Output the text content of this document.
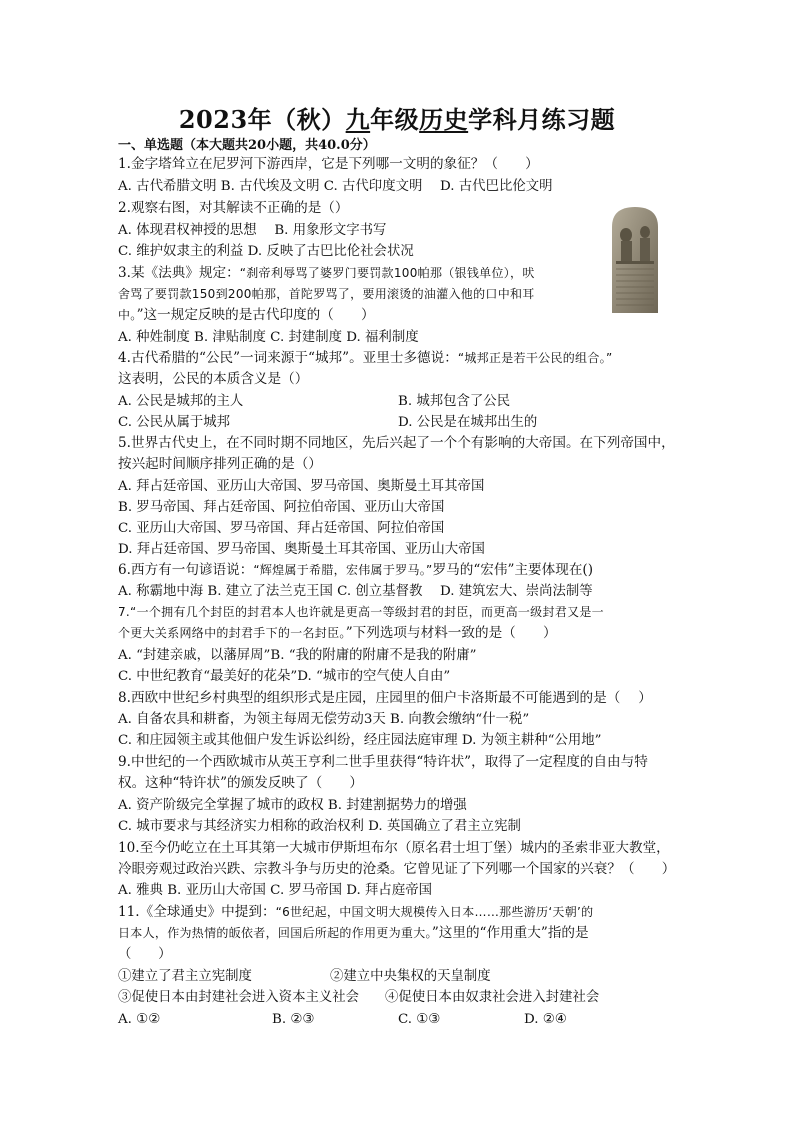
2023年（秋）九年级历史学科月练习题
一、单选题（本大题共20小题，共40.0分）
1.金字塔耸立在尼罗河下游西岸，它是下列哪一文明的象征？（　　）
A. 古代希腊文明 B. 古代埃及文明 C. 古代印度文明　 D. 古代巴比伦文明
2.观察右图，对其解读不正确的是（）
A. 体现君权神授的思想　 B. 用象形文字书写
C. 维护奴隶主的利益 D. 反映了古巴比伦社会状况
3.某《法典》规定：“刹帝利辱骂了婆罗门要罚款100帕那（银钱单位），吠
舍骂了要罚款150到200帕那，首陀罗骂了，要用滚烫的油灌入他的口中和耳
中。”这一规定反映的是古代印度的（　　）
A. 种姓制度 B. 津贴制度 C. 封建制度 D. 福利制度
4.古代希腊的“公民”一词来源于“城邦”。亚里士多德说：“城邦正是若干公民的组合。”
这表明，公民的本质含义是（）
A. 公民是城邦的主人	B. 城邦包含了公民
C. 公民从属于城邦	D. 公民是在城邦出生的
5.世界古代史上，在不同时期不同地区，先后兴起了一个个有影响的大帝国。在下列帝国中，
按兴起时间顺序排列正确的是（）
A. 拜占廷帝国、亚历山大帝国、罗马帝国、奥斯曼土耳其帝国
B. 罗马帝国、拜占廷帝国、阿拉伯帝国、亚历山大帝国
C. 亚历山大帝国、罗马帝国、拜占廷帝国、阿拉伯帝国
D. 拜占廷帝国、罗马帝国、奥斯曼土耳其帝国、亚历山大帝国
6.西方有一句谚语说：“辉煌属于希腊，宏伟属于罗马。”罗马的“宏伟”主要体现在()
A. 称霸地中海 B. 建立了法兰克王国 C. 创立基督教　 D. 建筑宏大、崇尚法制等
7.“一个拥有几个封臣的封君本人也许就是更高一等级封君的封臣，而更高一级封君又是一
个更大关系网络中的封君手下的一名封臣。”下列选项与材料一致的是（　　）
A. “封建亲戚，以藩屏周”B. “我的附庸的附庸不是我的附庸”
C. 中世纪教育“最美好的花朵”D. “城市的空气使人自由”
8.西欧中世纪乡村典型的组织形式是庄园，庄园里的佃户卡洛斯最不可能遇到的是（　 ）
A. 自备农具和耕畜，为领主每周无偿劳动3天 B. 向教会缴纳“什一税”
C. 和庄园领主或其他佃户发生诉讼纠纷，经庄园法庭审理 D. 为领主耕种“公用地”
9.中世纪的一个西欧城市从英王亨利二世手里获得“特许状”，取得了一定程度的自由与特
权。这种“特许状”的颁发反映了（　　）
A. 资产阶级完全掌握了城市的政权 B. 封建割据势力的增强
C. 城市要求与其经济实力相称的政治权利 D. 英国确立了君主立宪制
10.至今仍屹立在土耳其第一大城市伊斯坦布尔（原名君士坦丁堡）城内的圣索非亚大教堂，
冷眼旁观过政治兴跌、宗教斗争与历史的沧桑。它曾见证了下列哪一个国家的兴衰？（　　）
A. 雅典 B. 亚历山大帝国 C. 罗马帝国 D. 拜占庭帝国
11.《全球通史》中提到：“6世纪起，中国文明大规模传入日本……那些游历‘天朝’的
日本人，作为热情的皈依者，回国后所起的作用更为重大。”这里的“作用重大”指的是
（　　）
①建立了君主立宪制度	②建立中央集权的天皇制度
③促使日本由封建社会进入资本主义社会 ④促使日本由奴隶社会进入封建社会
A. ①②	B. ②③	C. ①③	D. ②④
